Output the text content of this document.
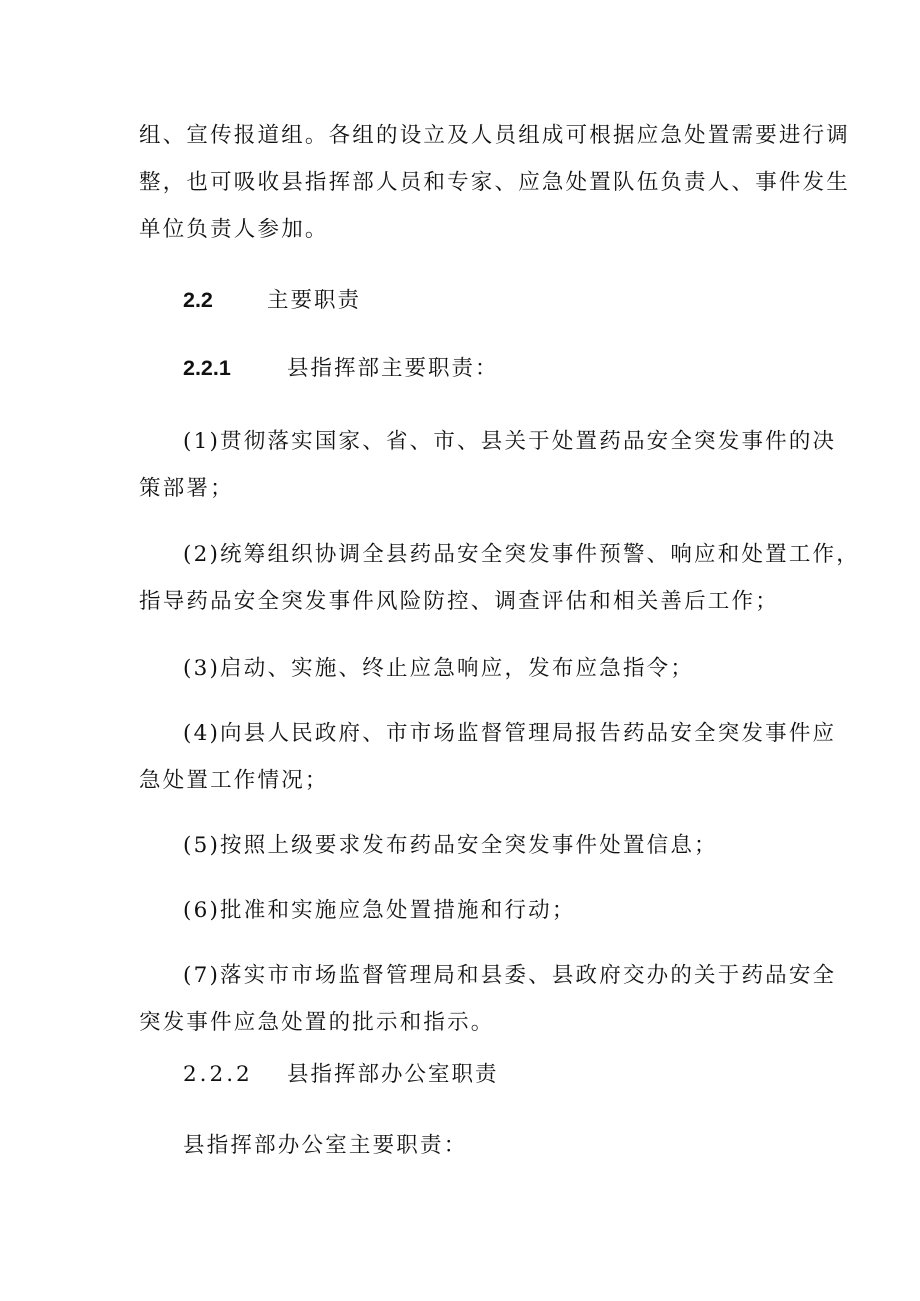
组、宣传报道组。各组的设立及人员组成可根据应急处置需要进行调
整，也可吸收县指挥部人员和专家、应急处置队伍负责人、事件发生
单位负责人参加。
2.2	主要职责
2.2.1	县指挥部主要职责：
(1)贯彻落实国家、省、市、县关于处置药品安全突发事件的决
策部署；
(2)统筹组织协调全县药品安全突发事件预警、响应和处置工作，
指导药品安全突发事件风险防控、调查评估和相关善后工作；
(3)启动、实施、终止应急响应，发布应急指令；
(4)向县人民政府、市市场监督管理局报告药品安全突发事件应
急处置工作情况；
(5)按照上级要求发布药品安全突发事件处置信息；
(6)批准和实施应急处置措施和行动；
(7)落实市市场监督管理局和县委、县政府交办的关于药品安全
突发事件应急处置的批示和指示。
2.2.2 县指挥部办公室职责
县指挥部办公室主要职责：
